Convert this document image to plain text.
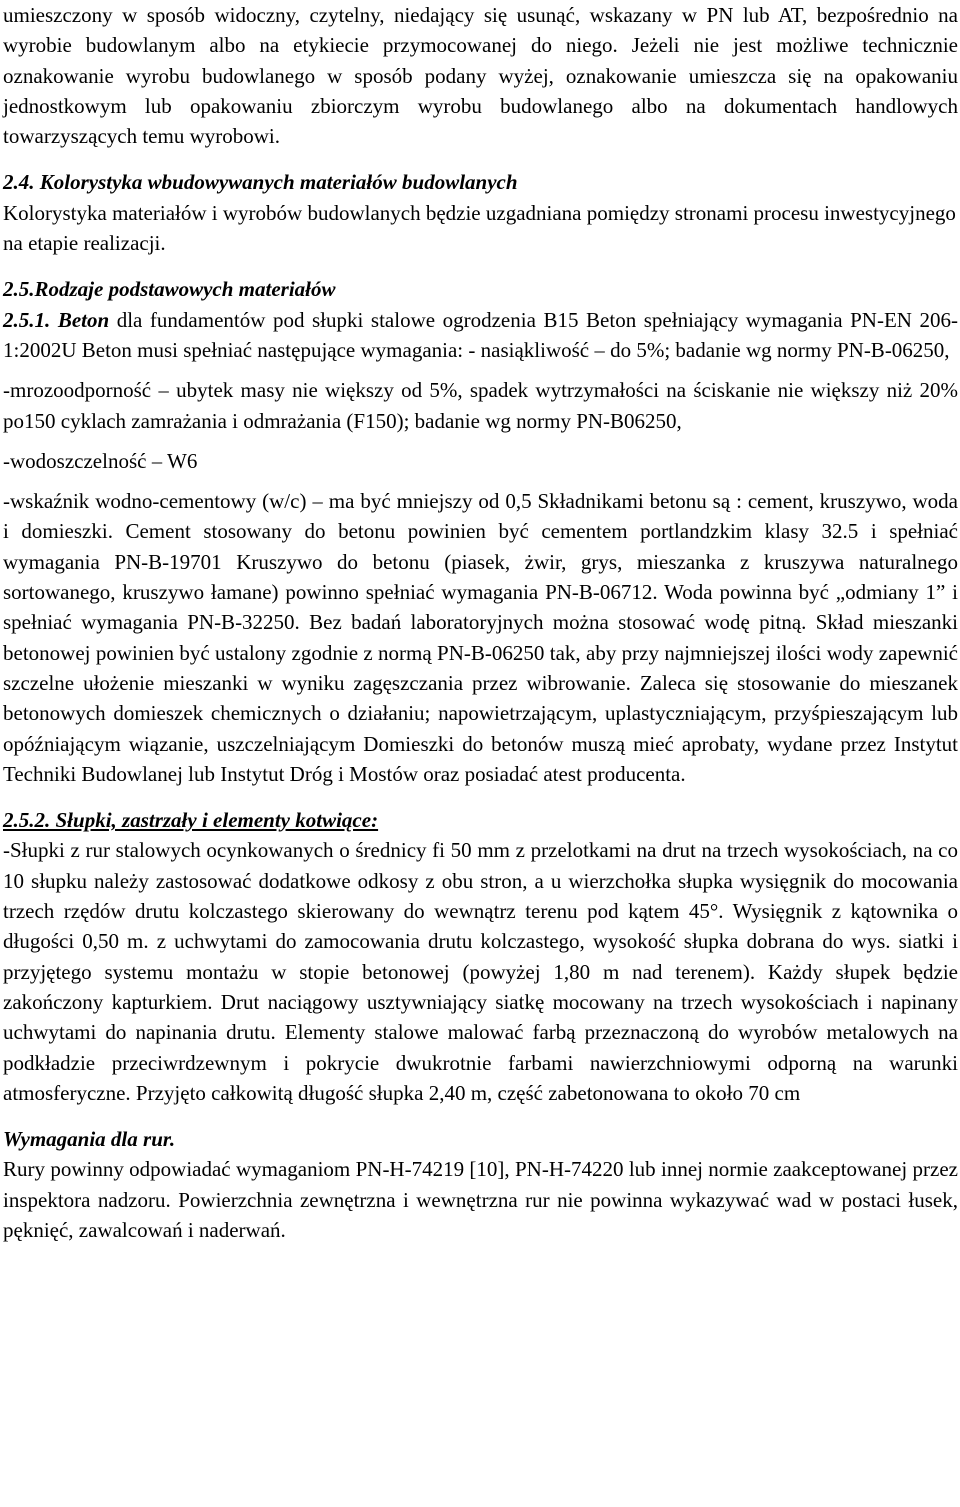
umieszczony w sposób widoczny, czytelny, niedający się usunąć, wskazany w PN lub AT, bezpośrednio na wyrobie budowlanym albo na etykiecie przymocowanej do niego. Jeżeli nie jest możliwe technicznie oznakowanie wyrobu budowlanego w sposób podany wyżej, oznakowanie umieszcza się na opakowaniu jednostkowym lub opakowaniu zbiorczym wyrobu budowlanego albo na dokumentach handlowych towarzyszących temu wyrobowi.

2.4. Kolorystyka wbudowywanych materiałów budowlanych

Kolorystyka materiałów i wyrobów budowlanych będzie uzgadniana pomiędzy stronami procesu inwestycyjnego na etapie realizacji.

2.5.Rodzaje podstawowych materiałów

2.5.1. Beton dla fundamentów pod słupki stalowe ogrodzenia B15 Beton spełniający wymagania PN-EN 206-1:2002U Beton musi spełniać następujące wymagania: - nasiąkliwość ⎯ do 5%; badanie wg normy PN-B-06250,

-mrozoodporność ⎯ ubytek masy nie większy od 5%, spadek wytrzymałości na ściskanie nie większy niż 20% po150 cyklach zamrażania i odmrażania (F150); badanie wg normy PN-B06250,

-wodoszczelność ⎯ W6

-wskaźnik wodno-cementowy (w/c) ⎯ ma być mniejszy od 0,5 Składnikami betonu są : cement, kruszywo, woda i domieszki. Cement stosowany do betonu powinien być cementem portlandzkim klasy 32.5 i spełniać wymagania PN-B-19701 Kruszywo do betonu (piasek, żwir, grys, mieszanka z kruszywa naturalnego sortowanego, kruszywo łamane) powinno spełniać wymagania PN-B-06712. Woda powinna być „odmiany 1” i spełniać wymagania PN-B-32250. Bez badań laboratoryjnych można stosować wodę pitną. Skład mieszanki betonowej powinien być ustalony zgodnie z normą PN-B-06250 tak, aby przy najmniejszej ilości wody zapewnić szczelne ułożenie mieszanki w wyniku zagęszczania przez wibrowanie. Zaleca się stosowanie do mieszanek betonowych domieszek chemicznych o działaniu; napowietrzającym, uplastyczniającym, przyśpieszającym lub opóźniającym wiązanie, uszczelniającym Domieszki do betonów muszą mieć aprobaty, wydane przez Instytut Techniki Budowlanej lub Instytut Dróg i Mostów oraz posiadać atest producenta.

2.5.2. Słupki, zastrzały i elementy kotwiące:

-Słupki z rur stalowych ocynkowanych o średnicy fi 50 mm z przelotkami na drut na trzech wysokościach, na co 10 słupku należy zastosować dodatkowe odkosy z obu stron, a u wierzchołka słupka wysięgnik do mocowania trzech rzędów drutu kolczastego skierowany do wewnątrz terenu pod kątem 45°. Wysięgnik z kątownika o długości 0,50 m. z uchwytami do zamocowania drutu kolczastego, wysokość słupka dobrana do wys. siatki i przyjętego systemu montażu w stopie betonowej (powyżej 1,80 m nad terenem). Każdy słupek będzie zakończony kapturkiem. Drut naciągowy usztywniający siatkę mocowany na trzech wysokościach i napinany uchwytami do napinania drutu. Elementy stalowe malować farbą przeznaczoną do wyrobów metalowych na podkładzie przeciwrdzewnym i pokrycie dwukrotnie farbami nawierzchniowymi odporną na warunki atmosferyczne. Przyjęto całkowitą długość słupka 2,40 m, część zabetonowana to około 70 cm

Wymagania dla rur.

Rury powinny odpowiadać wymaganiom PN-H-74219 [10], PN-H-74220 lub innej normie zaakceptowanej przez inspektora nadzoru. Powierzchnia zewnętrzna i wewnętrzna rur nie powinna wykazywać wad w postaci łusek, pęknięć, zawalcowań i naderwań.
